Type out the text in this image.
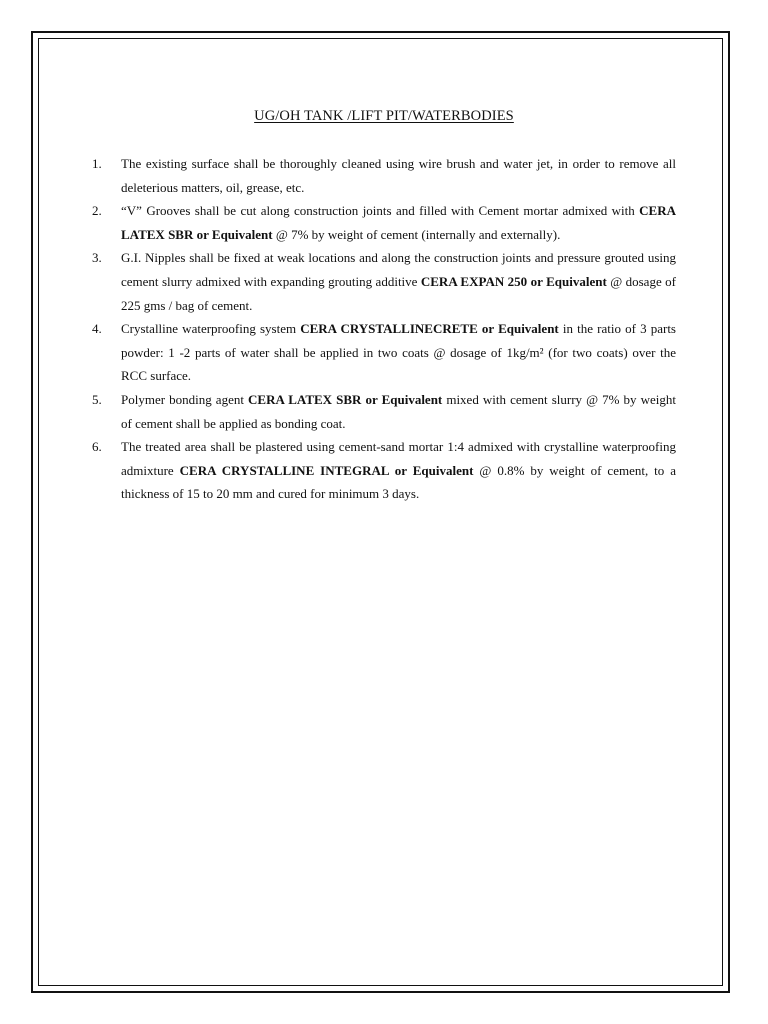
UG/OH TANK /LIFT PIT/WATERBODIES
1. The existing surface shall be thoroughly cleaned using wire brush and water jet, in order to remove all deleterious matters, oil, grease, etc.
2. “V” Grooves shall be cut along construction joints and filled with Cement mortar admixed with CERA LATEX SBR or Equivalent @ 7% by weight of cement (internally and externally).
3. G.I. Nipples shall be fixed at weak locations and along the construction joints and pressure grouted using cement slurry admixed with expanding grouting additive CERA EXPAN 250 or Equivalent @ dosage of 225 gms / bag of cement.
4. Crystalline waterproofing system CERA CRYSTALLINECRETE or Equivalent in the ratio of 3 parts powder: 1 -2 parts of water shall be applied in two coats @ dosage of 1kg/m² (for two coats) over the RCC surface.
5. Polymer bonding agent CERA LATEX SBR or Equivalent mixed with cement slurry @ 7% by weight of cement shall be applied as bonding coat.
6. The treated area shall be plastered using cement-sand mortar 1:4 admixed with crystalline waterproofing admixture CERA CRYSTALLINE INTEGRAL or Equivalent @ 0.8% by weight of cement, to a thickness of 15 to 20 mm and cured for minimum 3 days.
